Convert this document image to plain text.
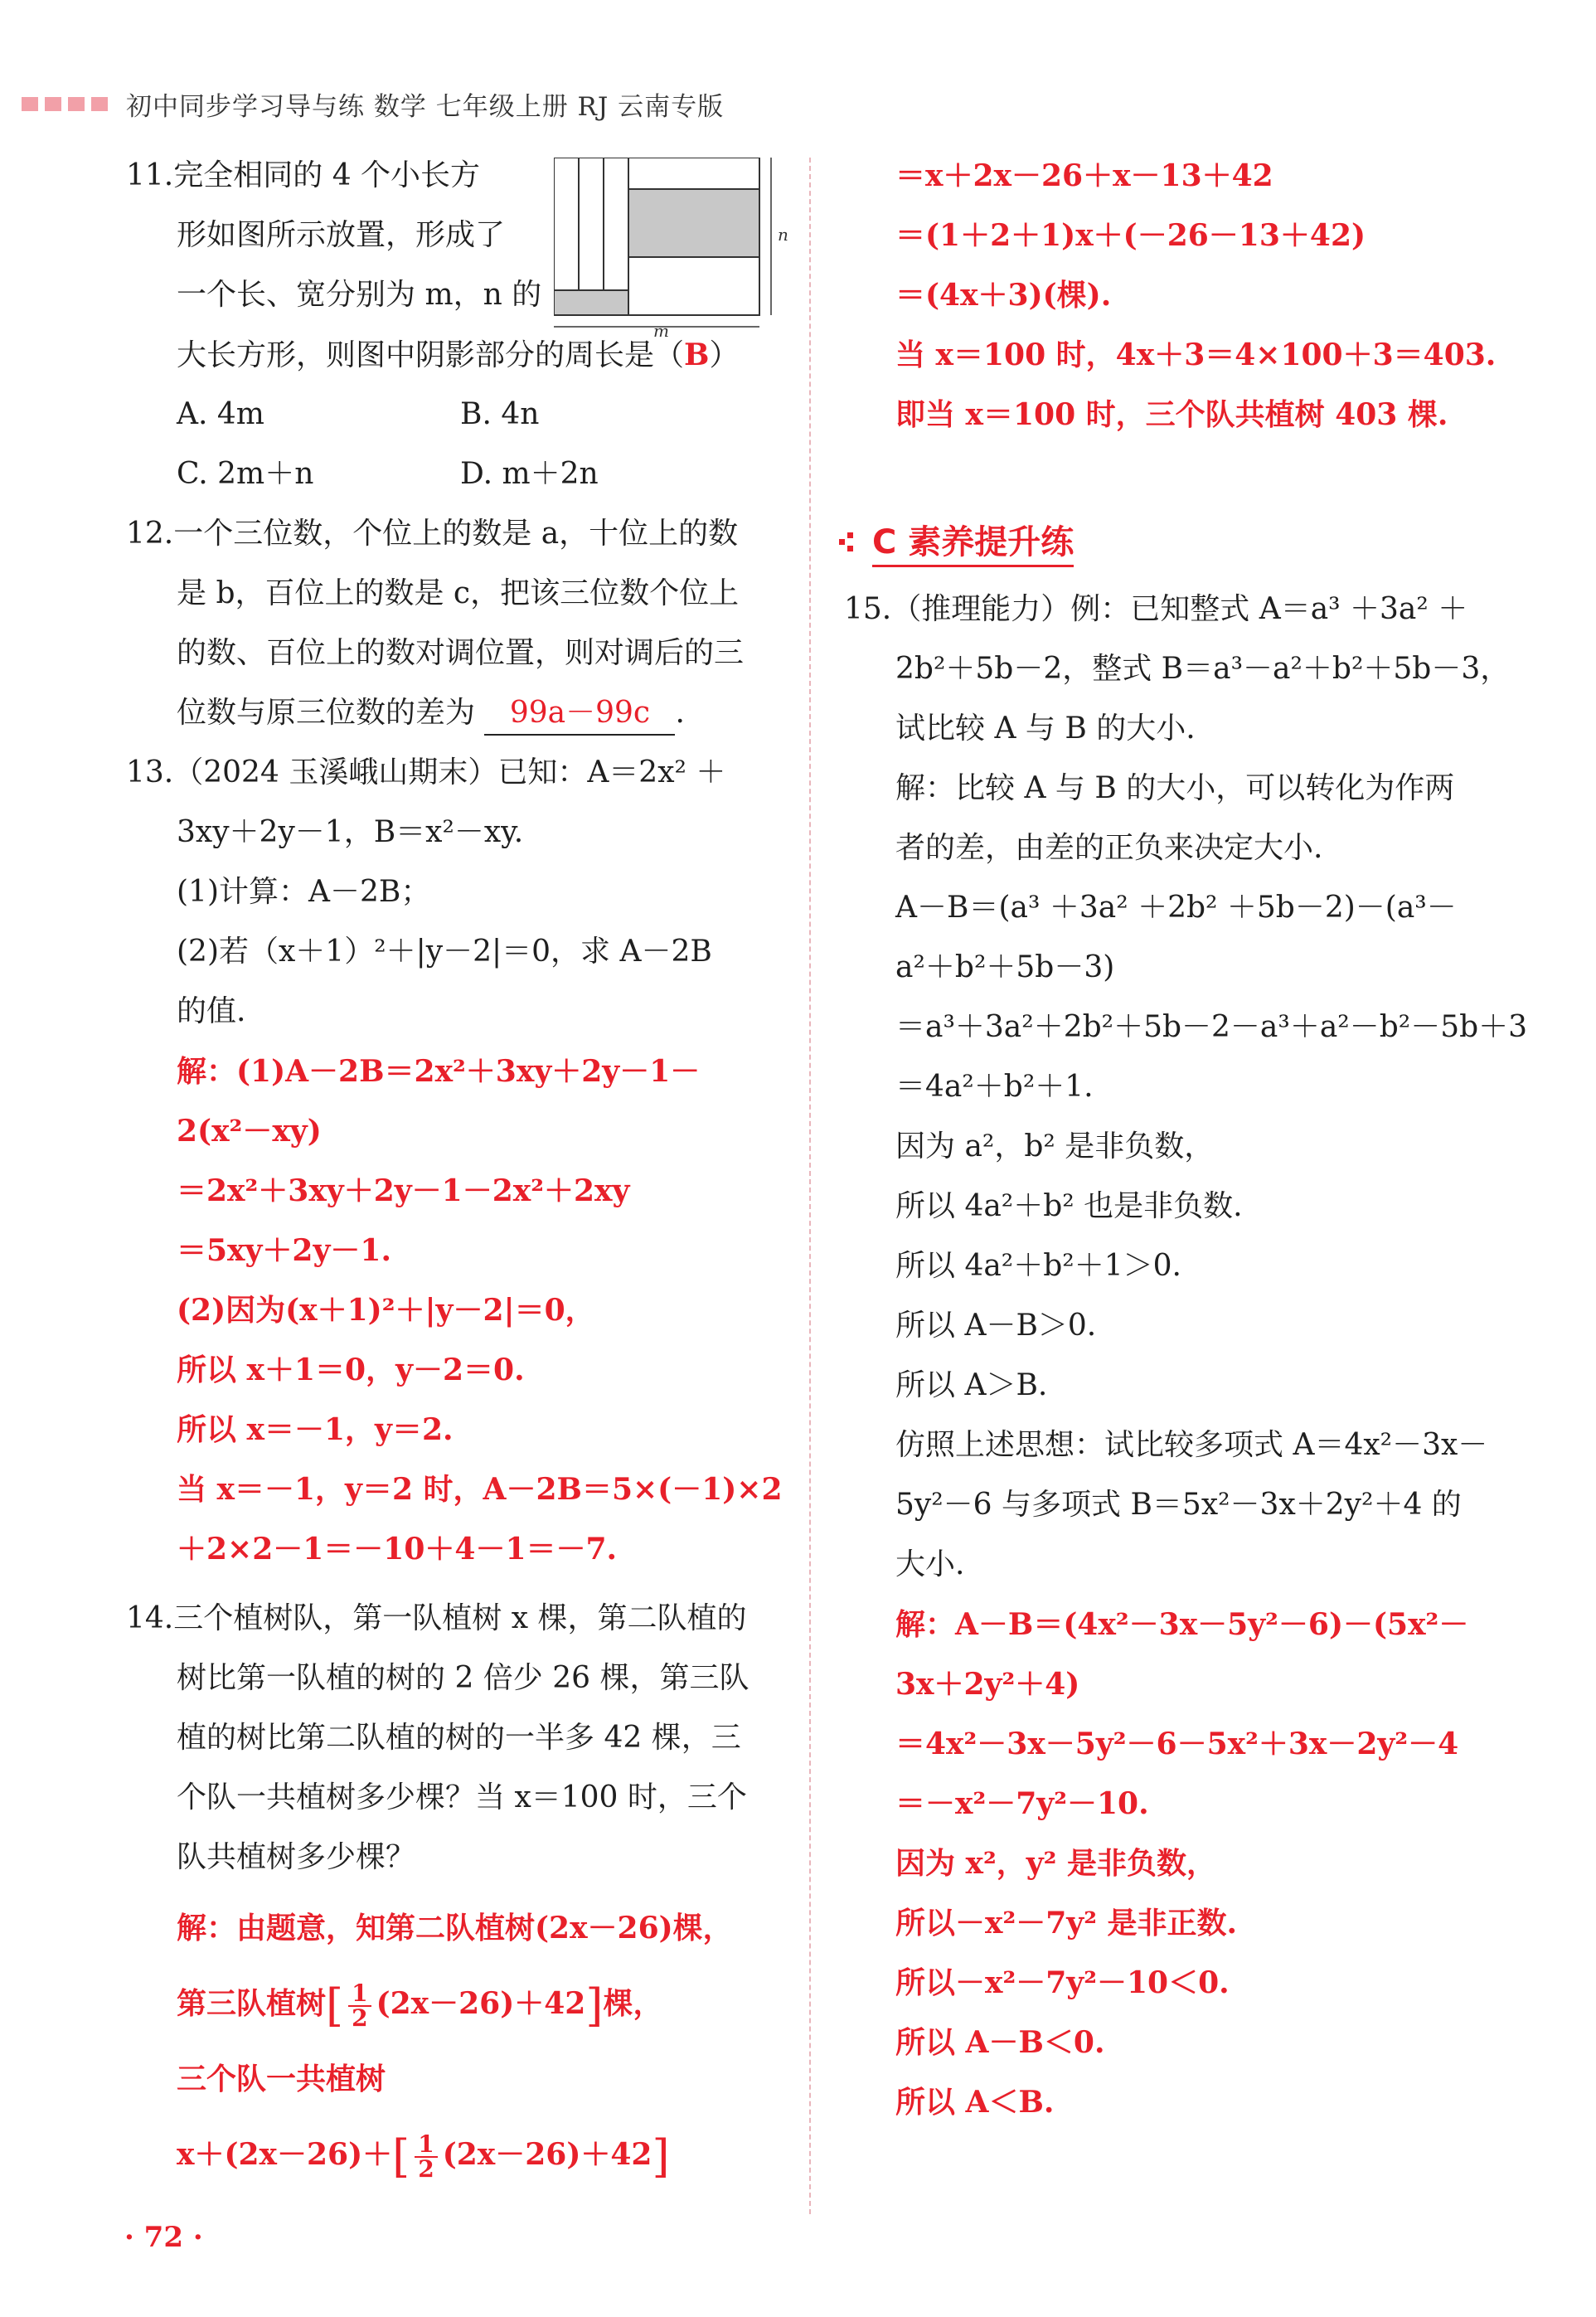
初中同步学习导与练 数学 七年级上册 RJ 云南专版
11.完全相同的 4 个小长方
形如图所示放置，形成了
一个长、宽分别为 m，n 的
大长方形，则图中阴影部分的周长是（B）
A. 4m	B. 4n
C. 2m＋n	D. m＋2n
m
n
12.一个三位数，个位上的数是 a，十位上的数
是 b，百位上的数是 c，把该三位数个位上
的数、百位上的数对调位置，则对调后的三
位数与原三位数的差为 99a－99c .
13.（2024 玉溪峨山期末）已知：A＝2x² ＋
3xy＋2y－1，B＝x²－xy.
(1)计算：A－2B；
(2)若（x＋1）²＋|y－2|＝0，求 A－2B
的值.
解：(1)A－2B＝2x²＋3xy＋2y－1－
2(x²－xy)
＝2x²＋3xy＋2y－1－2x²＋2xy
＝5xy＋2y－1.
(2)因为(x＋1)²＋|y－2|＝0，
所以 x＋1＝0，y－2＝0.
所以 x＝－1，y＝2.
当 x＝－1，y＝2 时，A－2B＝5×(－1)×2
＋2×2－1＝－10＋4－1＝－7.
14.三个植树队，第一队植树 x 棵，第二队植的
树比第一队植的树的 2 倍少 26 棵，第三队
植的树比第二队植的树的一半多 42 棵，三
个队一共植树多少棵？当 x＝100 时，三个
队共植树多少棵？
解：由题意，知第二队植树(2x－26)棵，
第三队植树[ $\frac{1}{2} (2x-26)+42$]棵，
三个队一共植树
$x+(2x-26)+[ \frac{1}{2} (2x-26)+42]$
· 72 ·
＝x＋2x－26＋x－13＋42
＝(1＋2＋1)x＋(－26－13＋42)
＝(4x＋3)(棵).
当 x＝100 时，4x＋3＝4×100＋3＝403.
即当 x＝100 时，三个队共植树 403 棵.
C 素养提升练
15.（推理能力）例：已知整式 A＝a³ ＋3a² ＋
2b²＋5b－2，整式 B＝a³－a²＋b²＋5b－3，
试比较 A 与 B 的大小.
解：比较 A 与 B 的大小，可以转化为作两
者的差，由差的正负来决定大小.
A－B＝(a³ ＋3a² ＋2b² ＋5b－2)－(a³－
a²＋b²＋5b－3)
＝a³＋3a²＋2b²＋5b－2－a³＋a²－b²－5b＋3
＝4a²＋b²＋1.
因为 a²，b² 是非负数，
所以 4a²＋b² 也是非负数.
所以 4a²＋b²＋1＞0.
所以 A－B＞0.
所以 A＞B.
仿照上述思想：试比较多项式 A＝4x²－3x－
5y²－6 与多项式 B＝5x²－3x＋2y²＋4 的
大小.
解：A－B＝(4x²－3x－5y²－6)－(5x²－
3x＋2y²＋4)
＝4x²－3x－5y²－6－5x²＋3x－2y²－4
＝－x²－7y²－10.
因为 x²，y² 是非负数，
所以－x²－7y² 是非正数.
所以－x²－7y²－10＜0.
所以 A－B＜0.
所以 A＜B.
